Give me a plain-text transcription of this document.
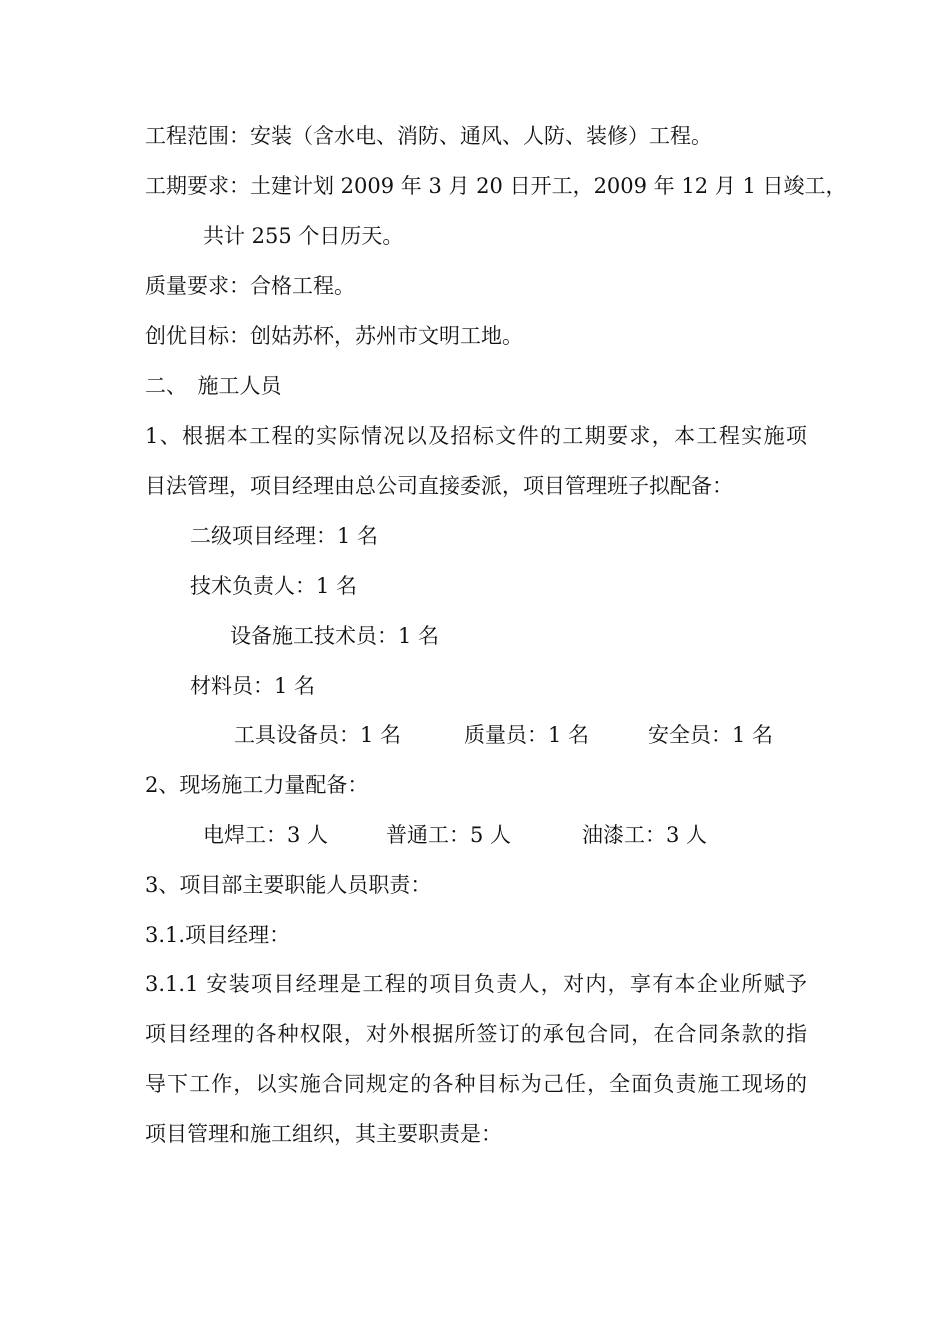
工程范围：安装（含水电、消防、通风、人防、装修）工程。
工期要求：土建计划 2009 年 3 月 20 日开工，2009 年 12 月 1 日竣工，
共计 255 个日历天。
质量要求：合格工程。
创优目标：创姑苏杯，苏州市文明工地。
二、　施工人员
1、根据本工程的实际情况以及招标文件的工期要求，本工程实施项
目法管理，项目经理由总公司直接委派，项目管理班子拟配备：
二级项目经理：1 名
技术负责人：1 名
设备施工技术员：1 名
材料员：1 名
工具设备员：1 名	质量员：1 名	安全员：1 名
2、现场施工力量配备：
电焊工：3 人	普通工：5 人	油漆工：3 人
3、项目部主要职能人员职责：
3.1.项目经理：
3.1.1 安装项目经理是工程的项目负责人，对内，享有本企业所赋予
项目经理的各种权限，对外根据所签订的承包合同，在合同条款的指
导下工作，以实施合同规定的各种目标为己任，全面负责施工现场的
项目管理和施工组织，其主要职责是：
